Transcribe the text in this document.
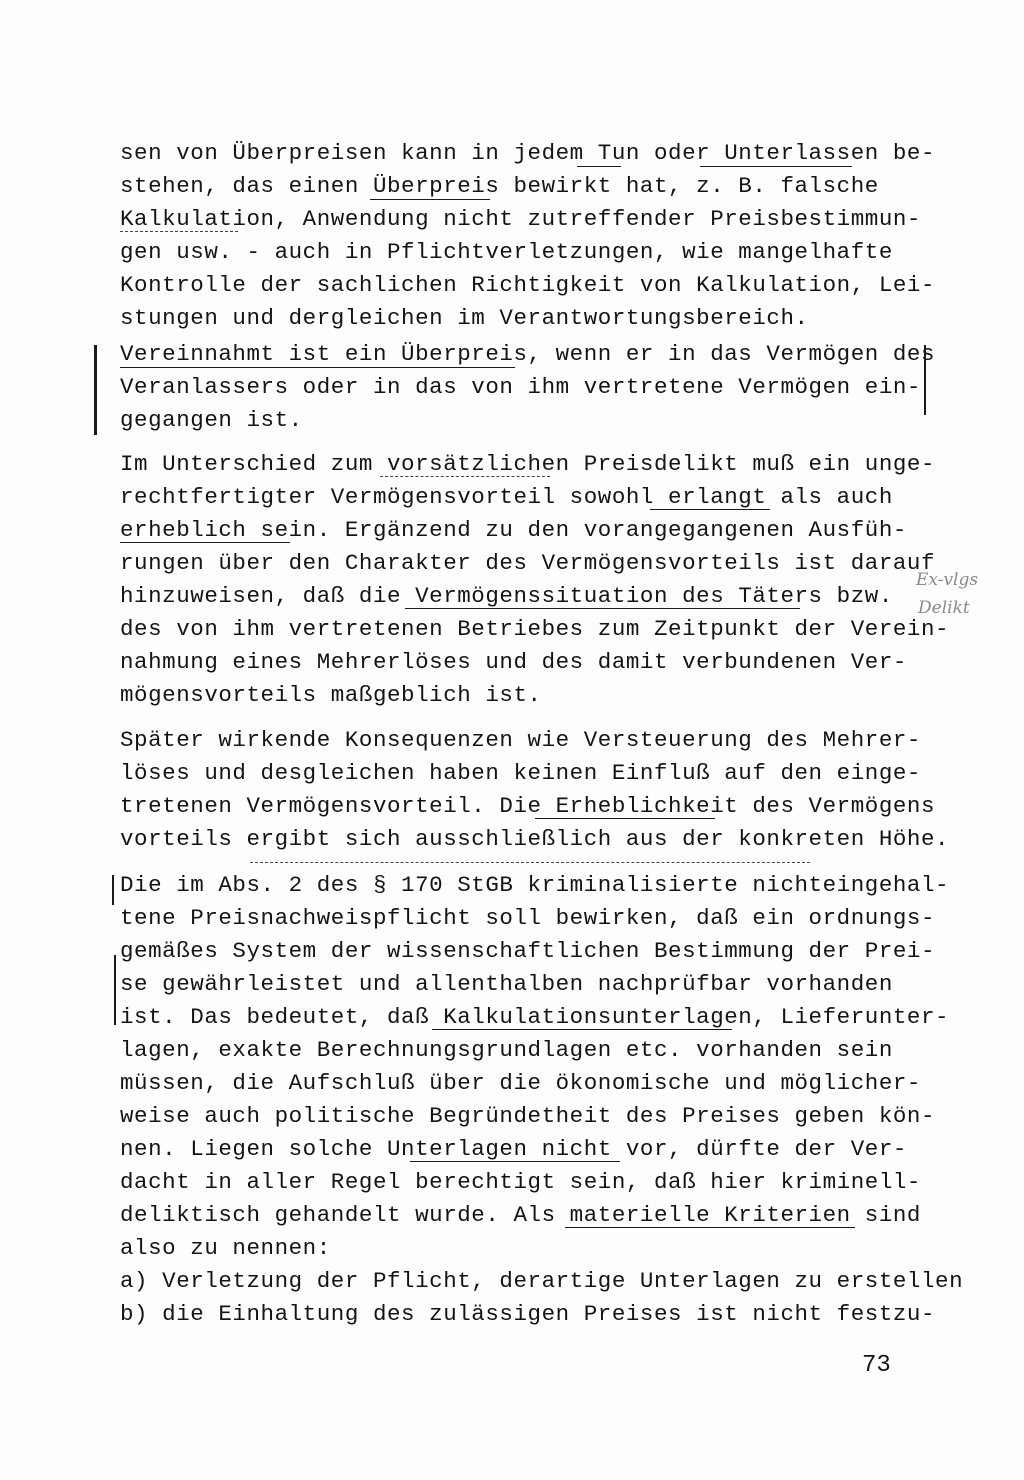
sen von Überpreisen kann in jedem Tun oder Unterlassen be-
stehen, das einen Überpreis bewirkt hat, z. B. falsche
Kalkulation, Anwendung nicht zutreffender Preisbestimmun-
gen usw. - auch in Pflichtverletzungen, wie mangelhafte
Kontrolle der sachlichen Richtigkeit von Kalkulation, Lei-
stungen und dergleichen im Verantwortungsbereich.
Vereinnahmt ist ein Überpreis, wenn er in das Vermögen des
Veranlassers oder in das von ihm vertretene Vermögen ein-
gegangen ist.
Im Unterschied zum vorsätzlichen Preisdelikt muß ein unge-
rechtfertigter Vermögensvorteil sowohl erlangt als auch
erheblich sein. Ergänzend zu den vorangegangenen Ausfüh-
rungen über den Charakter des Vermögensvorteils ist darauf
hinzuweisen, daß die Vermögenssituation des Täters bzw.
des von ihm vertretenen Betriebes zum Zeitpunkt der Verein-
nahmung eines Mehrerlöses und des damit verbundenen Ver-
mögensvorteils maßgeblich ist.
Später wirkende Konsequenzen wie Versteuerung des Mehrer-
löses und desgleichen haben keinen Einfluß auf den einge-
tretenen Vermögensvorteil. Die Erheblichkeit des Vermögens
vorteils ergibt sich ausschließlich aus der konkreten Höhe.
Die im Abs. 2 des § 170 StGB kriminalisierte nichteingehal-
tene Preisnachweispflicht soll bewirken, daß ein ordnungs-
gemäßes System der wissenschaftlichen Bestimmung der Prei-
se gewährleistet und allenthalben nachprüfbar vorhanden
ist. Das bedeutet, daß Kalkulationsunterlagen, Lieferunter-
lagen, exakte Berechnungsgrundlagen etc. vorhanden sein
müssen, die Aufschluß über die ökonomische und möglicher-
weise auch politische Begründetheit des Preises geben kön-
nen. Liegen solche Unterlagen nicht vor, dürfte der Ver-
dacht in aller Regel berechtigt sein, daß hier kriminell-
deliktisch gehandelt wurde. Als materielle Kriterien sind
also zu nennen:
a) Verletzung der Pflicht, derartige Unterlagen zu erstellen
b) die Einhaltung des zulässigen Preises ist nicht festzu-
Ex-vlgs
Delikt
73
